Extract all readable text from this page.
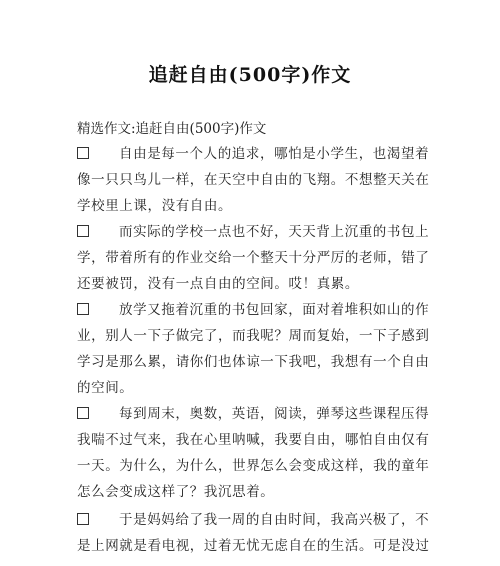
追赶自由(500字)作文
精选作文:追赶自由(500字)作文
自由是每一个人的追求，哪怕是小学生，也渴望着
像一只只鸟儿一样，在天空中自由的飞翔。不想整天关在
学校里上课，没有自由。
而实际的学校一点也不好，天天背上沉重的书包上
学，带着所有的作业交给一个整天十分严厉的老师，错了
还要被罚，没有一点自由的空间。哎！真累。
放学又拖着沉重的书包回家，面对着堆积如山的作
业，别人一下子做完了，而我呢？周而复始，一下子感到
学习是那么累，请你们也体谅一下我吧，我想有一个自由
的空间。
每到周末，奥数，英语，阅读，弹琴这些课程压得
我喘不过气来，我在心里呐喊，我要自由，哪怕自由仅有
一天。为什么，为什么，世界怎么会变成这样，我的童年
怎么会变成这样了？我沉思着。
于是妈妈给了我一周的自由时间，我高兴极了，不
是上网就是看电视，过着无忧无虑自在的生活。可是没过
